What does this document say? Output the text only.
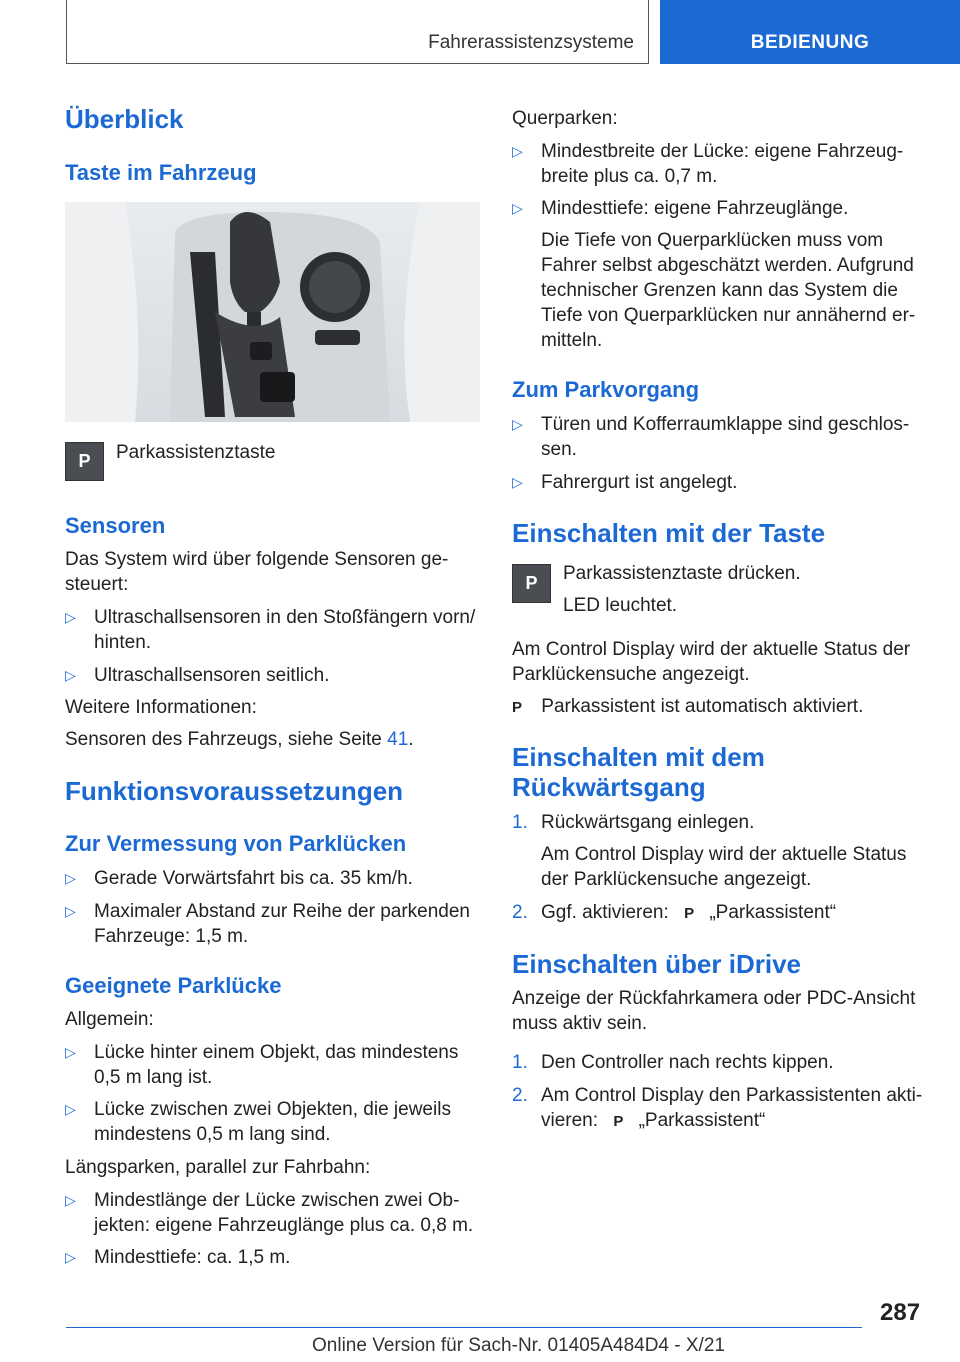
Fahrerassistenzsysteme	BEDIENUNG
Überblick
Taste im Fahrzeug
P Parkassistenztaste
Sensoren
Das System wird über folgende Sensoren ge-
steuert:
▷ Ultraschallsensoren in den Stoßfängern vorn/
hinten.
▷ Ultraschallsensoren seitlich.
Weitere Informationen:
Sensoren des Fahrzeugs, siehe Seite 41.
Funktionsvoraussetzungen
Zur Vermessung von Parklücken
▷ Gerade Vorwärtsfahrt bis ca. 35 km/h.
▷ Maximaler Abstand zur Reihe der parkenden
Fahrzeuge: 1,5 m.
Geeignete Parklücke
Allgemein:
▷ Lücke hinter einem Objekt, das mindestens
0,5 m lang ist.
▷ Lücke zwischen zwei Objekten, die jeweils
mindestens 0,5 m lang sind.
Längsparken, parallel zur Fahrbahn:
▷ Mindestlänge der Lücke zwischen zwei Ob-
jekten: eigene Fahrzeuglänge plus ca. 0,8 m.
▷ Mindesttiefe: ca. 1,5 m.
Querparken:
▷ Mindestbreite der Lücke: eigene Fahrzeug-
breite plus ca. 0,7 m.
▷ Mindesttiefe: eigene Fahrzeuglänge.
Die Tiefe von Querparklücken muss vom
Fahrer selbst abgeschätzt werden. Aufgrund
technischer Grenzen kann das System die
Tiefe von Querparklücken nur annähernd er-
mitteln.
Zum Parkvorgang
▷ Türen und Kofferraumklappe sind geschlos-
sen.
▷ Fahrergurt ist angelegt.
Einschalten mit der Taste
P Parkassistenztaste drücken.
LED leuchtet.
Am Control Display wird der aktuelle Status der
Parklückensuche angezeigt.
P Parkassistent ist automatisch aktiviert.
Einschalten mit dem
Rückwärtsgang
1. Rückwärtsgang einlegen.
Am Control Display wird der aktuelle Status
der Parklückensuche angezeigt.
2. Ggf. aktivieren: P „Parkassistent“
Einschalten über iDrive
Anzeige der Rückfahrkamera oder PDC-Ansicht
muss aktiv sein.
1. Den Controller nach rechts kippen.
2. Am Control Display den Parkassistenten akti-
vieren: P „Parkassistent“
287
Online Version für Sach-Nr. 01405A484D4 - X/21
